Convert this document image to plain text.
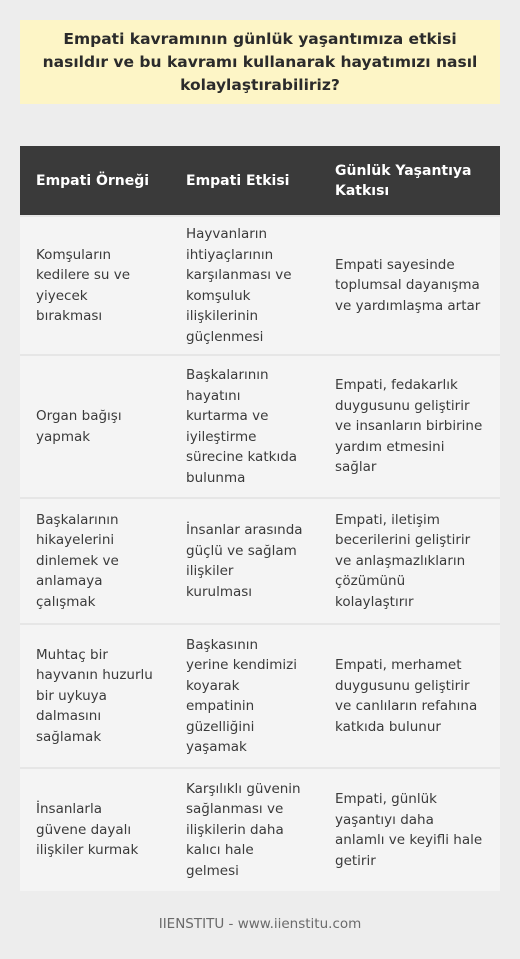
Empati kavramının günlük yaşantımıza etkisi nasıldır ve bu kavramı kullanarak hayatımızı nasıl kolaylaştırabiliriz?
Empati Örneği	Empati Etkisi	Günlük Yaşantıya Katkısı
Komşuların kedilere su ve yiyecek bırakması	Hayvanların ihtiyaçlarının karşılanması ve komşuluk ilişkilerinin güçlenmesi	Empati sayesinde toplumsal dayanışma ve yardımlaşma artar
Organ bağışı yapmak	Başkalarının hayatını kurtarma ve iyileştirme sürecine katkıda bulunma	Empati, fedakarlık duygusunu geliştirir ve insanların birbirine yardım etmesini sağlar
Başkalarının hikayelerini dinlemek ve anlamaya çalışmak	İnsanlar arasında güçlü ve sağlam ilişkiler kurulması	Empati, iletişim becerilerini geliştirir ve anlaşmazlıkların çözümünü kolaylaştırır
Muhtaç bir hayvanın huzurlu bir uykuya dalmasını sağlamak	Başkasının yerine kendimizi koyarak empatinin güzelliğini yaşamak	Empati, merhamet duygusunu geliştirir ve canlıların refahına katkıda bulunur
İnsanlarla güvene dayalı ilişkiler kurmak	Karşılıklı güvenin sağlanması ve ilişkilerin daha kalıcı hale gelmesi	Empati, günlük yaşantıyı daha anlamlı ve keyifli hale getirir
IIENSTITU - www.iienstitu.com
